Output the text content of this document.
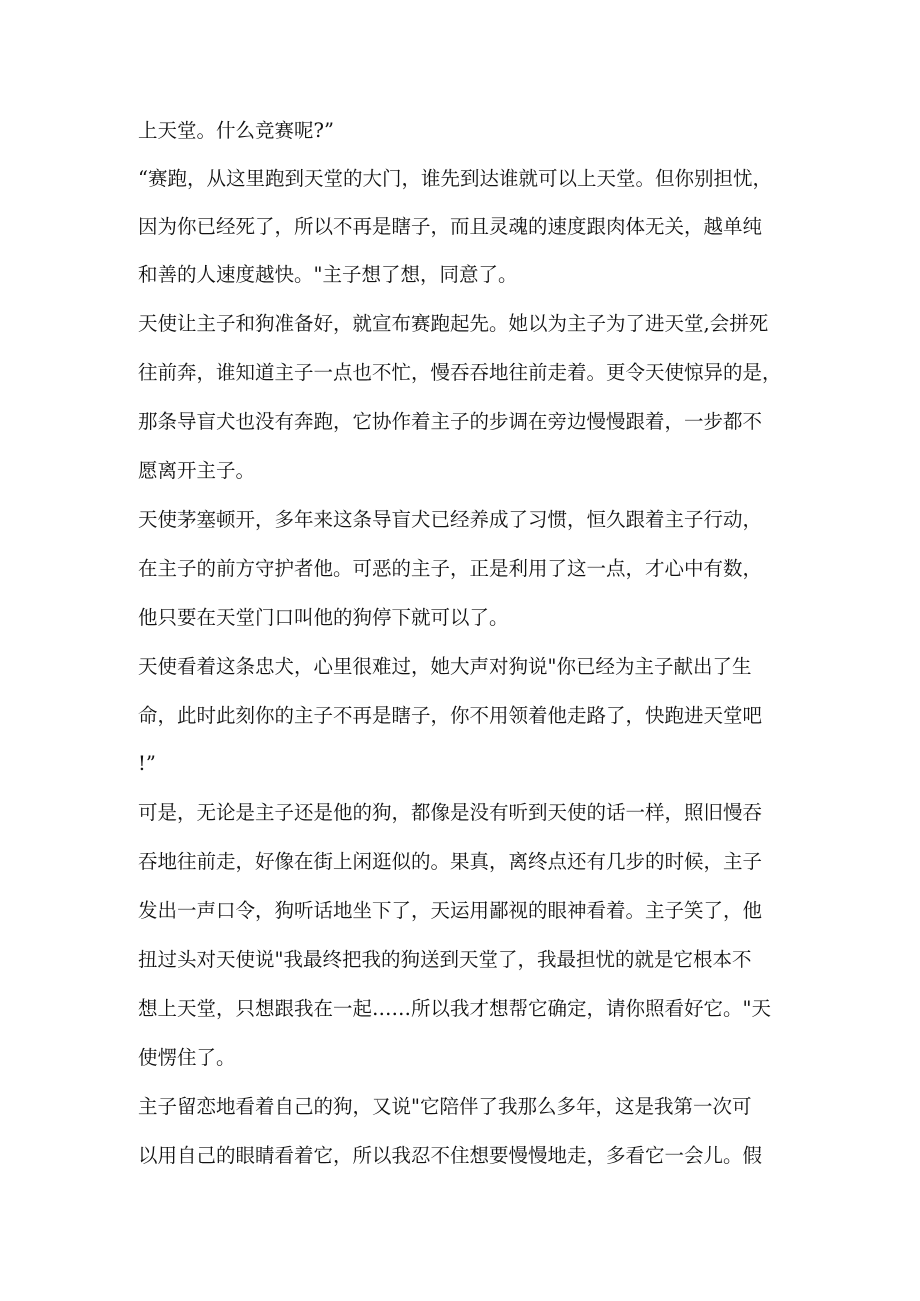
上天堂。什么竞赛呢?”
“赛跑，从这里跑到天堂的大门，谁先到达谁就可以上天堂。但你别担忧，
因为你已经死了，所以不再是瞎子，而且灵魂的速度跟肉体无关，越单纯
和善的人速度越快。"主子想了想，同意了。
天使让主子和狗准备好，就宣布赛跑起先。她以为主子为了进天堂,会拼死
往前奔，谁知道主子一点也不忙，慢吞吞地往前走着。更令天使惊异的是，
那条导盲犬也没有奔跑，它协作着主子的步调在旁边慢慢跟着，一步都不
愿离开主子。
天使茅塞顿开，多年来这条导盲犬已经养成了习惯，恒久跟着主子行动，
在主子的前方守护者他。可恶的主子，正是利用了这一点，才心中有数，
他只要在天堂门口叫他的狗停下就可以了。
天使看着这条忠犬，心里很难过，她大声对狗说"你已经为主子献出了生
命，此时此刻你的主子不再是瞎子，你不用领着他走路了，快跑进天堂吧
!”
可是，无论是主子还是他的狗，都像是没有听到天使的话一样，照旧慢吞
吞地往前走，好像在街上闲逛似的。果真，离终点还有几步的时候，主子
发出一声口令，狗听话地坐下了，天运用鄙视的眼神看着。主子笑了，他
扭过头对天使说"我最终把我的狗送到天堂了，我最担忧的就是它根本不
想上天堂，只想跟我在一起……所以我才想帮它确定，请你照看好它。"天
使愣住了。
主子留恋地看着自己的狗，又说"它陪伴了我那么多年，这是我第一次可
以用自己的眼睛看着它，所以我忍不住想要慢慢地走，多看它一会儿。假
